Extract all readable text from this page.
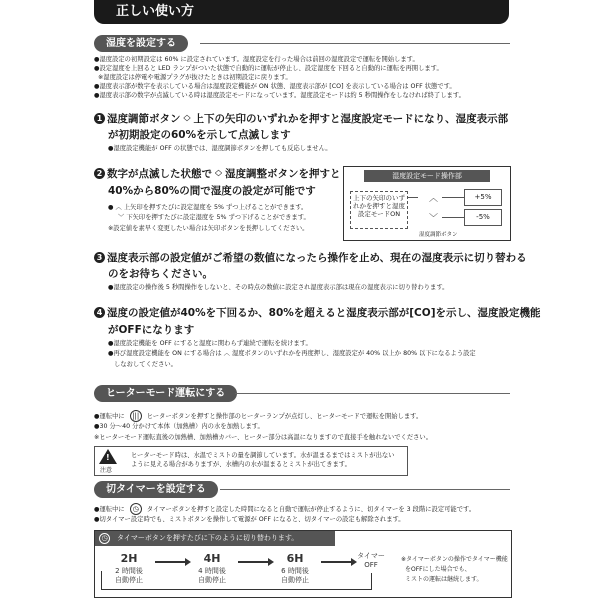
正しい使い方
湿度を設定する
●湿度設定の初期設定は 60% に設定されています。湿度設定を行った場合は前回の湿度設定で運転を開始します。
●設定湿度を上回ると LED ランプがついた状態で自動的に運転が停止し、設定湿度を下回ると自動的に運転を再開します。
※湿度設定は停電や電源プラグが抜けたときは初期設定に戻ります。
●湿度表示部が数字を表示している場合は湿度設定機能が ON 状態、湿度表示部が [CO] を表示している場合は OFF 状態です。
●湿度表示部の数字が点滅している時は湿度設定モードになっています。湿度設定モードは約 5 秒間操作をしなければ終了します。
1 湿度調節ボタン ︿
﹀ 上下の矢印のいずれかを押すと湿度設定モードになり、湿度表示部
が初期設定の60%を示して点滅します
●湿度設定機能が OFF の状態では、湿度調節ボタンを押しても反応しません。
2 数字が点滅した状態で ︿
﹀ 湿度調整ボタンを押すと
40%から80%の間で湿度の設定が可能です
● ︿ 上矢印を押すたびに設定湿度を 5% ずつ上げることができます。
﹀ 下矢印を押すたびに設定湿度を 5% ずつ下げることができます。
※設定値を素早く変更したい場合は矢印ボタンを長押ししてください。
湿度設定モード操作部
上下の矢印のいずれかを押すと湿度設定モードON
︿
﹀
+5%
-5%
湿度調節ボタン
3 湿度表示部の設定値がご希望の数値になったら操作を止め、現在の湿度表示に切り替わる
のをお待ちください。
●湿度設定の操作後 5 秒間操作をしないと、その時点の数値に設定され湿度表示部は現在の湿度表示に切り替わります。
4 湿度の設定値が40%を下回るか、80%を超えると湿度表示部が[CO]を示し、湿度設定機能
がOFFになります
●湿度設定機能を OFF にすると湿度に関わらず連続で運転を続けます。
●再び湿度設定機能を ON にする場合は ︿ 湿度ボタンのいずれかを再度押し、湿度設定が 40% 以上か 80% 以下になるよう設定
しなおしてください。
ヒーターモード運転にする
●運転中に ||| ヒーターボタンを押すと操作部のヒーターランプが点灯し、ヒーターモードで運転を開始します。
●30 分～40 分かけて本体（加熱槽）内の水を加熱します。
※ヒーターモード運転直後の加熱槽、加熱槽カバー、ヒーター部分は高温になりますので直接手を触れないでください。
!
注意
ヒーターモード時は、水温でミストの量を調節しています。水が温まるまではミストが出ない
ように見える場合がありますが、水槽内の水が温まるとミストが出てきます。
切タイマーを設定する
●運転中に ◷ タイマーボタンを押すと設定した時間になると自動で運転が停止するように、切タイマーを 3 段階に設定可能です。
●切タイマー設定時でも、ミストボタンを操作して電源が OFF になると、切タイマーの設定も解除されます。
◷	タイマーボタンを押すたびに下のように切り替わります。
2H
2 時間後
自動停止
4H
4 時間後
自動停止
6H
6 時間後
自動停止
タイマー
OFF
※タイマーボタンの操作でタイマー機能
をOFFにした場合でも、
ミストの運転は継続します。
